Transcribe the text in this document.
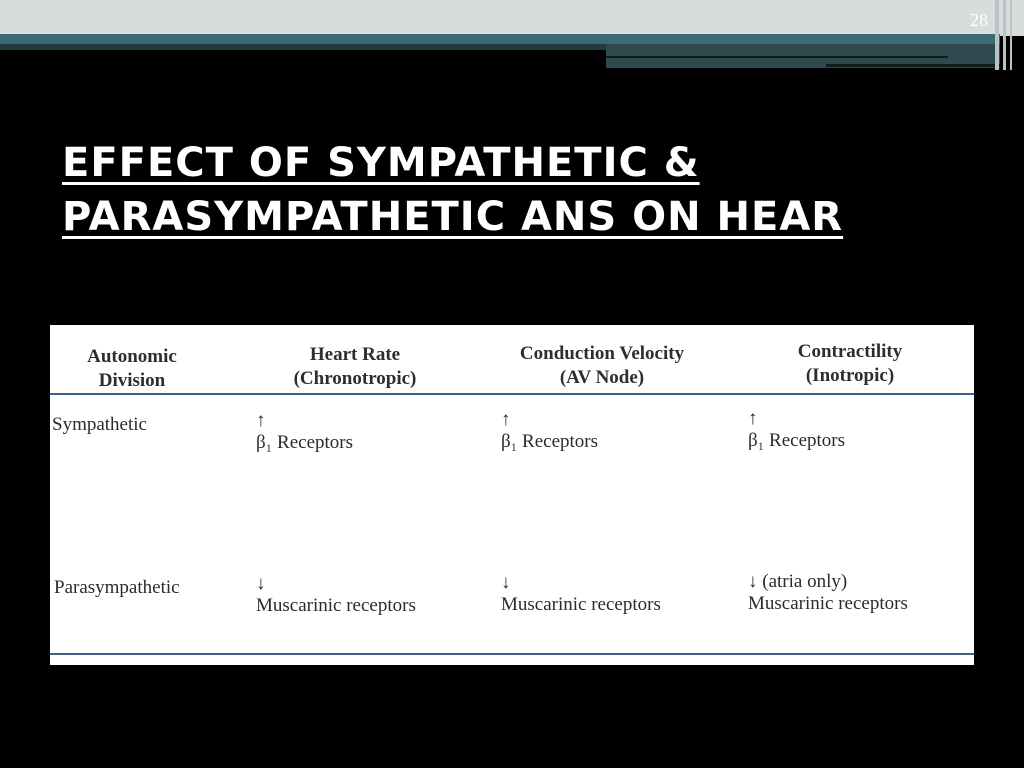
28
EFFECT OF SYMPATHETIC &
PARASYMPATHETIC ANS ON HEAR
Autonomic
Division
Heart Rate
(Chronotropic)
Conduction Velocity
(AV Node)
Contractility
(Inotropic)
Sympathetic	↑
β₁ Receptors
↑
β₁ Receptors
↑
β₁ Receptors
Parasympathetic	↓
Muscarinic receptors
↓
Muscarinic receptors
↓ (atria only)
Muscarinic receptors
